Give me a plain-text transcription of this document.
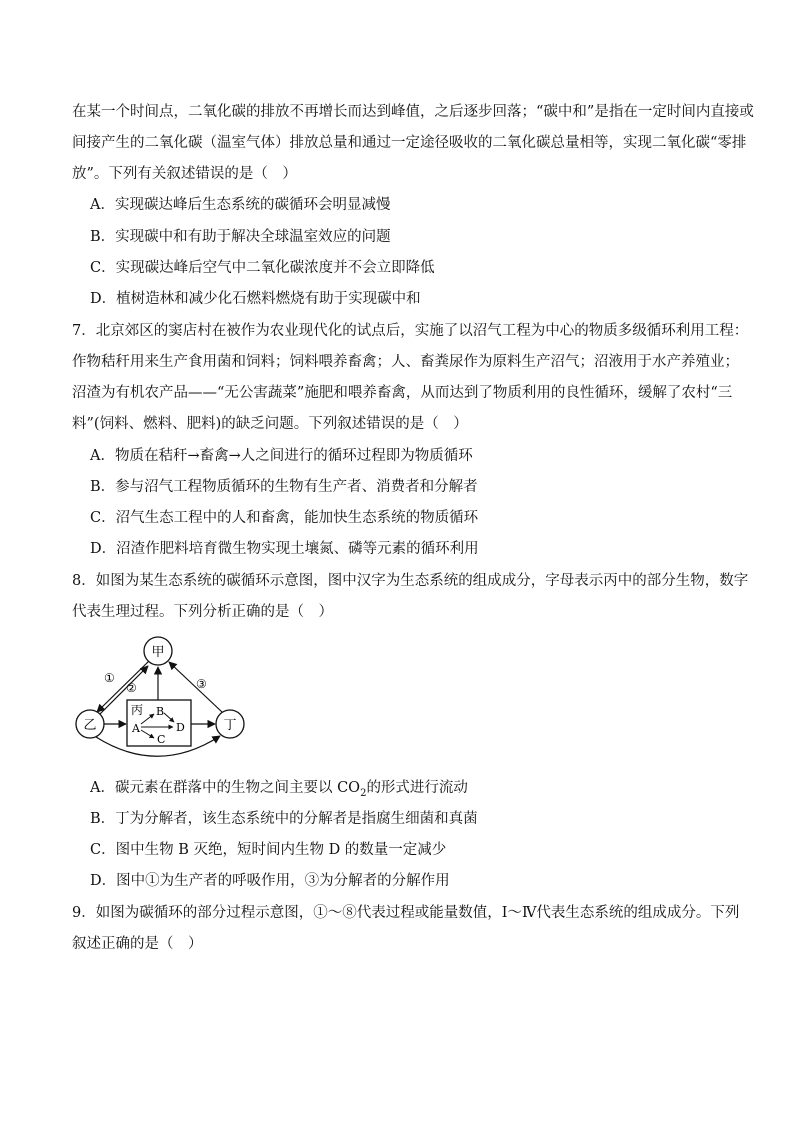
在某一个时间点，二氧化碳的排放不再增长而达到峰值，之后逐步回落；“碳中和”是指在一定时间内直接或
间接产生的二氧化碳（温室气体）排放总量和通过一定途径吸收的二氧化碳总量相等，实现二氧化碳“零排
放”。下列有关叙述错误的是（　）
A．实现碳达峰后生态系统的碳循环会明显减慢
B．实现碳中和有助于解决全球温室效应的问题
C．实现碳达峰后空气中二氧化碳浓度并不会立即降低
D．植树造林和减少化石燃料燃烧有助于实现碳中和
7．北京郊区的窦店村在被作为农业现代化的试点后，实施了以沼气工程为中心的物质多级循环利用工程：
作物秸秆用来生产食用菌和饲料；饲料喂养畜禽；人、畜粪尿作为原料生产沼气；沼液用于水产养殖业；
沼渣为有机农产品——“无公害蔬菜”施肥和喂养畜禽，从而达到了物质利用的良性循环，缓解了农村“三
料”(饲料、燃料、肥料)的缺乏问题。下列叙述错误的是（　）
A．物质在秸秆→畜禽→人之间进行的循环过程即为物质循环
B．参与沼气工程物质循环的生物有生产者、消费者和分解者
C．沼气生态工程中的人和畜禽，能加快生态系统的物质循环
D．沼渣作肥料培育微生物实现土壤氮、磷等元素的循环利用
8．如图为某生态系统的碳循环示意图，图中汉字为生态系统的组成成分，字母表示丙中的部分生物，数字
代表生理过程。下列分析正确的是（　）
甲
乙	丁
丙
A
B
C
D
①
②	③
A．碳元素在群落中的生物之间主要以 $CO_2$的形式进行流动
B．丁为分解者，该生态系统中的分解者是指腐生细菌和真菌
C．图中生物 B 灭绝，短时间内生物 D 的数量一定减少
D．图中①为生产者的呼吸作用，③为分解者的分解作用
9．如图为碳循环的部分过程示意图，①～⑧代表过程或能量数值，I～Ⅳ代表生态系统的组成成分。下列
叙述正确的是（　）
